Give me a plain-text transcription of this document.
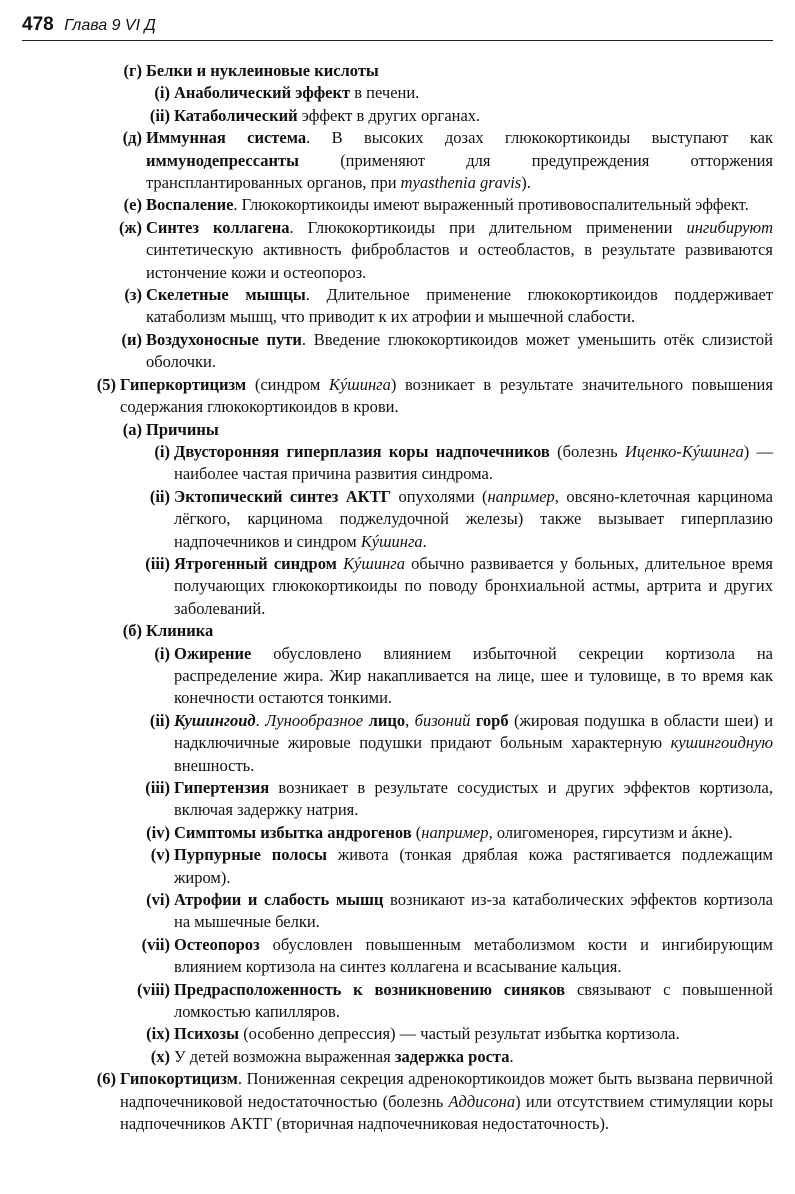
478 Глава 9 VI Д
(г) Белки и нуклеиновые кислоты
(i) Анаболический эффект в печени.
(ii) Катаболический эффект в других органах.
(д) Иммунная система. В высоких дозах глюкокортикоиды выступают как иммунодепрессанты (применяют для предупреждения отторжения трансплантированных органов, при myasthenia gravis).
(е) Воспаление. Глюкокортикоиды имеют выраженный противовоспалительный эффект.
(ж) Синтез коллагена. Глюкокортикоиды при длительном применении ингибируют синтетическую активность фибробластов и остеобластов, в результате развиваются истончение кожи и остеопороз.
(з) Скелетные мышцы. Длительное применение глюкокортикоидов поддерживает катаболизм мышц, что приводит к их атрофии и мышечной слабости.
(и) Воздухоносные пути. Введение глюкокортикоидов может уменьшить отёк слизистой оболочки.
(5) Гиперкортицизм (синдром Кýшинга) возникает в результате значительного повышения содержания глюкокортикоидов в крови.
(а) Причины
(i) Двусторонняя гиперплазия коры надпочечников (болезнь Иценко-Кýшинга) — наиболее частая причина развития синдрома.
(ii) Эктопический синтез АКТГ опухолями (например, овсяно-клеточная карцинома лёгкого, карцинома поджелудочной железы) также вызывает гиперплазию надпочечников и синдром Кýшинга.
(iii) Ятрогенный синдром Кýшинга обычно развивается у больных, длительное время получающих глюкокортикоиды по поводу бронхиальной астмы, артрита и других заболеваний.
(б) Клиника
(i) Ожирение обусловлено влиянием избыточной секреции кортизола на распределение жира. Жир накапливается на лице, шее и туловище, в то время как конечности остаются тонкими.
(ii) Кушингоид. Лунообразное лицо, бизоний горб (жировая подушка в области шеи) и надключичные жировые подушки придают больным характерную кушингоидную внешность.
(iii) Гипертензия возникает в результате сосудистых и других эффектов кортизола, включая задержку натрия.
(iv) Симптомы избытка андрогенов (например, олигоменорея, гирсутизм и áкне).
(v) Пурпурные полосы живота (тонкая дряблая кожа растягивается подлежащим жиром).
(vi) Атрофии и слабость мышц возникают из-за катаболических эффектов кортизола на мышечные белки.
(vii) Остеопороз обусловлен повышенным метаболизмом кости и ингибирующим влиянием кортизола на синтез коллагена и всасывание кальция.
(viii) Предрасположенность к возникновению синяков связывают с повышенной ломкостью капилляров.
(ix) Психозы (особенно депрессия) — частый результат избытка кортизола.
(x) У детей возможна выраженная задержка роста.
(6) Гипокортицизм. Пониженная секреция адренокортикоидов может быть вызвана первичной надпочечниковой недостаточностью (болезнь Аддисона) или отсутствием стимуляции коры надпочечников АКТГ (вторичная надпочечниковая недостаточность).
